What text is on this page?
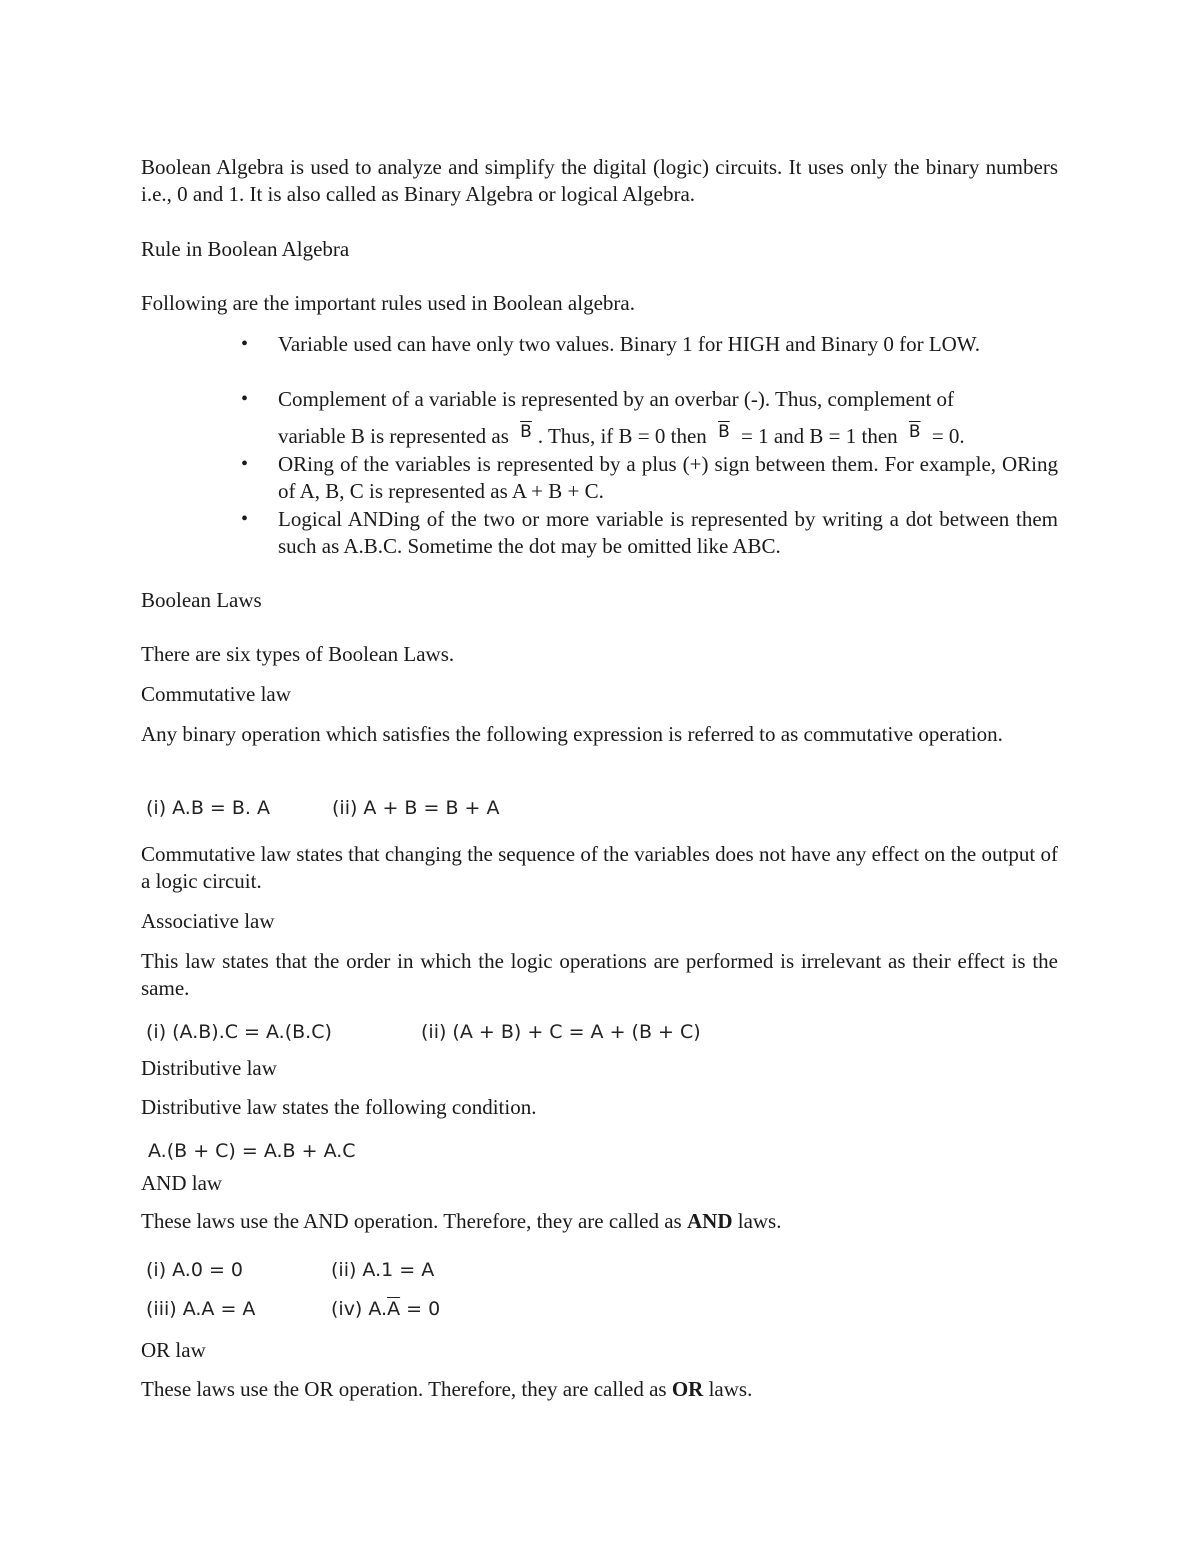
Boolean Algebra is used to analyze and simplify the digital (logic) circuits. It uses only the binary numbers i.e., 0 and 1. It is also called as Binary Algebra or logical Algebra.

Rule in Boolean Algebra

Following are the important rules used in Boolean algebra.

• Variable used can have only two values. Binary 1 for HIGH and Binary 0 for LOW.
• Complement of a variable is represented by an overbar (-). Thus, complement of
variable B is represented as $^{\overline{B}}$ . Thus, if B = 0 then $^{\overline{B}}$ = 1 and B = 1 then $^{\overline{B}}$ = 0.
• ORing of the variables is represented by a plus (+) sign between them. For example, ORing of A, B, C is represented as A + B + C.
• Logical ANDing of the two or more variable is represented by writing a dot between them such as A.B.C. Sometime the dot may be omitted like ABC.

Boolean Laws

There are six types of Boolean Laws.

Commutative law

Any binary operation which satisfies the following expression is referred to as commutative operation.

(i) A.B = B. A	(ii) A + B = B + A

Commutative law states that changing the sequence of the variables does not have any effect on the output of a logic circuit.

Associative law

This law states that the order in which the logic operations are performed is irrelevant as their effect is the same.

(i) (A.B).C = A.(B.C)	(ii) (A + B) + C = A + (B + C)

Distributive law

Distributive law states the following condition.

A.(B + C) = A.B + A.C

AND law

These laws use the AND operation. Therefore, they are called as AND laws.

(i) A.0 = 0	(ii) A.1 = A
(iii) A.A = A	(iv) $A.\overline{A} = 0$

OR law

These laws use the OR operation. Therefore, they are called as OR laws.
